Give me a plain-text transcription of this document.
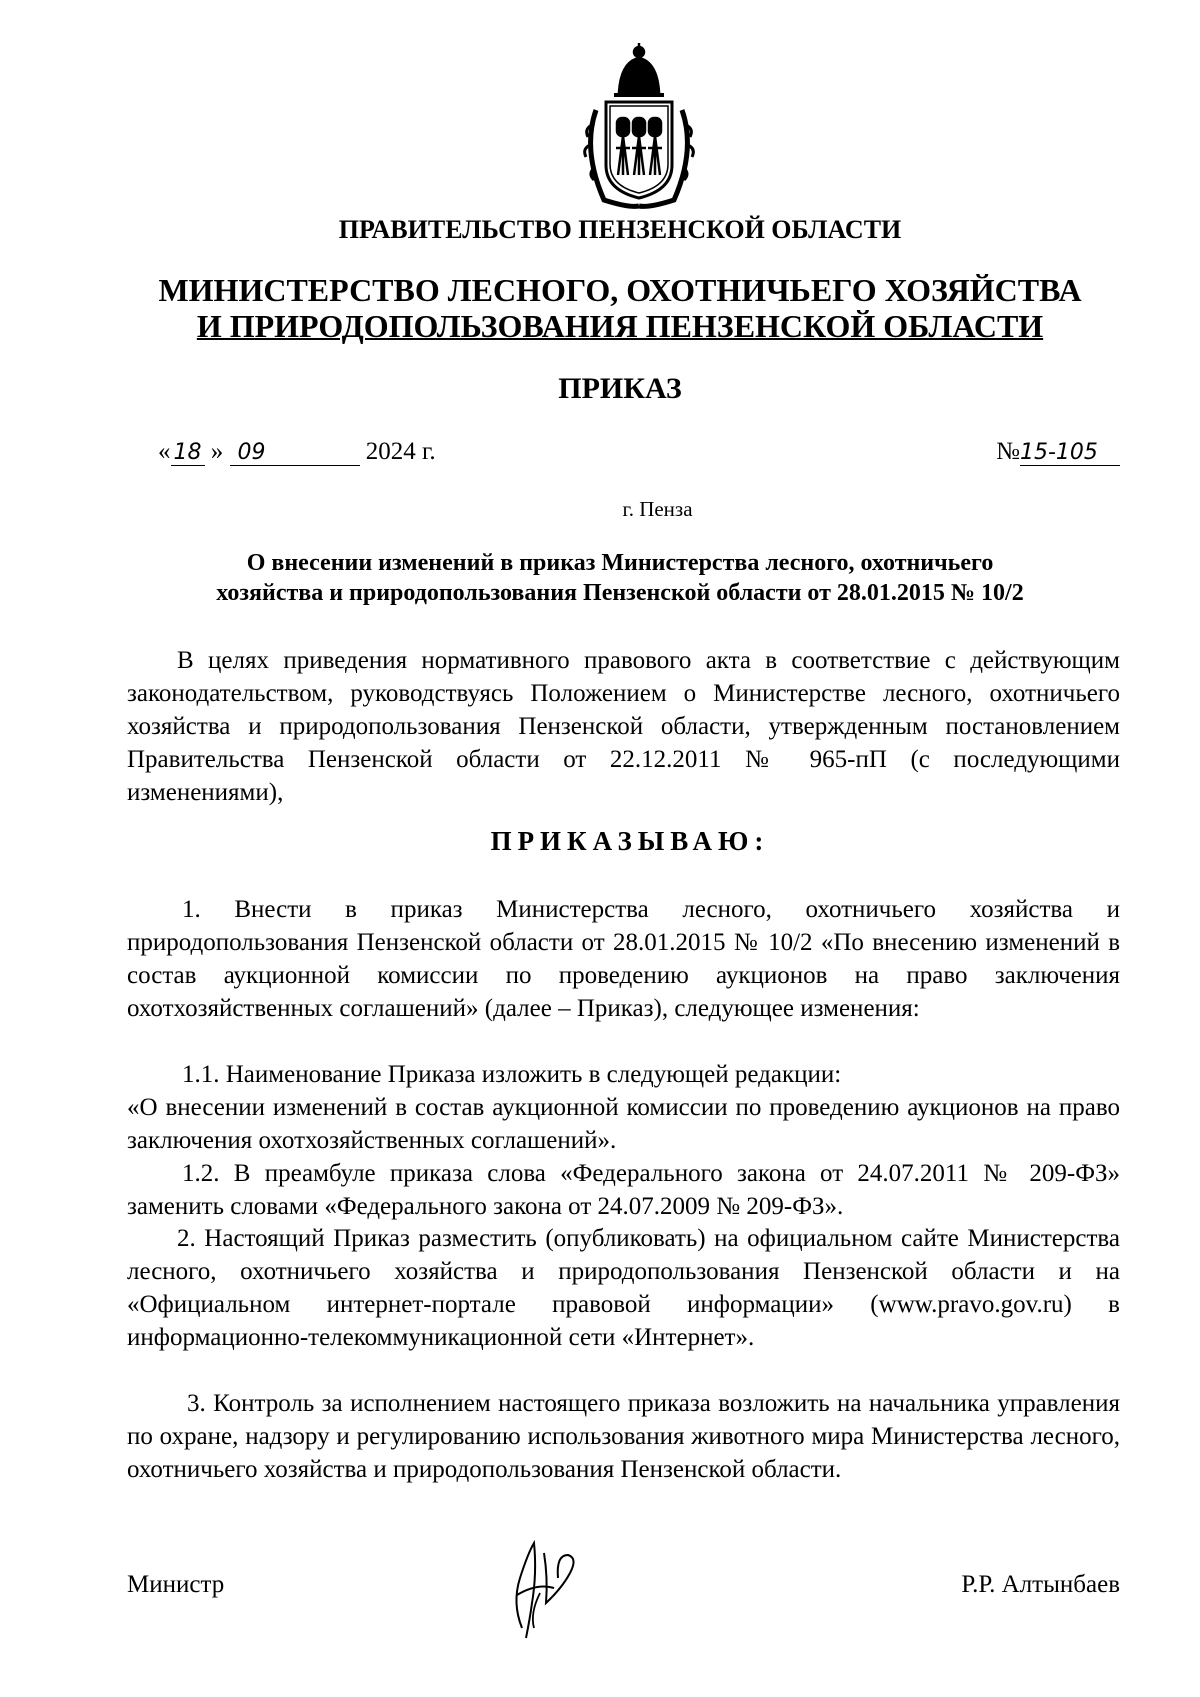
ПРАВИТЕЛЬСТВО ПЕНЗЕНСКОЙ ОБЛАСТИ
МИНИСТЕРСТВО ЛЕСНОГО, ОХОТНИЧЬЕГО ХОЗЯЙСТВА
И ПРИРОДОПОЛЬЗОВАНИЯ ПЕНЗЕНСКОЙ ОБЛАСТИ
ПРИКАЗ
« 18 » 09	2024 г.	№15-105
г. Пенза
О внесении изменений в приказ Министерства лесного, охотничьего
хозяйства и природопользования Пензенской области от 28.01.2015 № 10/2
В целях приведения нормативного правового акта в соответствие с действующим законодательством, руководствуясь Положением о Министерстве лесного, охотничьего хозяйства и природопользования Пензенской области, утвержденным постановлением Правительства Пензенской области от 22.12.2011 № 965-пП (с последующими изменениями),
ПРИКАЗЫВАЮ:
1. Внести в приказ Министерства лесного, охотничьего хозяйства и природопользования Пензенской области от 28.01.2015 № 10/2 «По внесению изменений в состав аукционной комиссии по проведению аукционов на право заключения охотхозяйственных соглашений» (далее – Приказ), следующее изменения:
1.1. Наименование Приказа изложить в следующей редакции:
«О внесении изменений в состав аукционной комиссии по проведению аукционов на право заключения охотхозяйственных соглашений».
1.2. В преамбуле приказа слова «Федерального закона от 24.07.2011 № 209-ФЗ» заменить словами «Федерального закона от 24.07.2009 № 209-ФЗ».
2. Настоящий Приказ разместить (опубликовать) на официальном сайте Министерства лесного, охотничьего хозяйства и природопользования Пензенской области и на «Официальном интернет-портале правовой информации» (www.pravo.gov.ru) в информационно-телекоммуникационной сети «Интернет».
3. Контроль за исполнением настоящего приказа возложить на начальника управления по охране, надзору и регулированию использования животного мира Министерства лесного, охотничьего хозяйства и природопользования Пензенской области.
Министр	Р.Р. Алтынбаев
